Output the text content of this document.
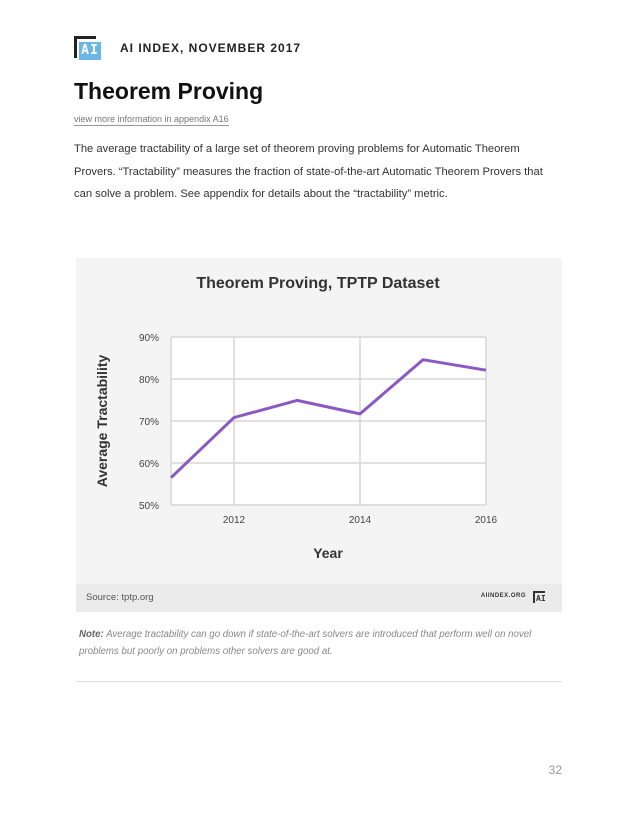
AI AI INDEX, NOVEMBER 2017
Theorem Proving
view more information in appendix A16
The average tractability of a large set of theorem proving problems for Automatic Theorem Provers. “Tractability” measures the fraction of state-of-the-art Automatic Theorem Provers that can solve a problem. See appendix for details about the “tractability” metric.
Theorem Proving, TPTP Dataset
50%
60%
70%
80%
90%
2012	2014	2016
Year
Average Tractability
Source: tptp.org	AIINDEX.ORG AI
Note: Average tractability can go down if state-of-the-art solvers are introduced that perform well on novel problems but poorly on problems other solvers are good at.
32
